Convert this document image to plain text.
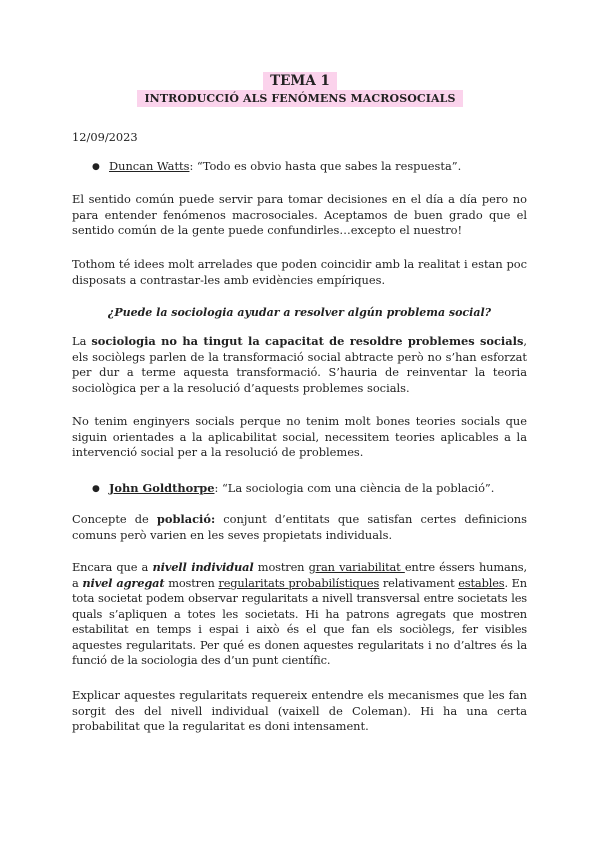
TEMA 1
INTRODUCCIÓ ALS FENÓMENS MACROSOCIALS
12/09/2023
● Duncan Watts: “Todo es obvio hasta que sabes la respuesta”.
El sentido común puede servir para tomar decisiones en el día a día pero no para entender fenómenos macrosociales. Aceptamos de buen grado que el sentido común de la gente puede confundirles…excepto el nuestro!
Tothom té idees molt arrelades que poden coincidir amb la realitat i estan poc disposats a contrastar-les amb evidències empíriques.
¿Puede la sociologia ayudar a resolver algún problema social?
La sociologia no ha tingut la capacitat de resoldre problemes socials, els sociòlegs parlen de la transformació social abtracte però no s’han esforzat per dur a terme aquesta transformació. S’hauria de reinventar la teoria sociològica per a la resolució d’aquests problemes socials.
No tenim enginyers socials perque no tenim molt bones teories socials que siguin orientades a la aplicabilitat social, necessitem teories aplicables a la intervenció social per a la resolució de problemes.
● John Goldthorpe: “La sociologia com una ciència de la població”.
Concepte de població: conjunt d’entitats que satisfan certes definicions comuns però varien en les seves propietats individuals.
Encara que a nivell individual mostren gran variabilitat entre éssers humans, a nivel agregat mostren regularitats probabilístiques relativament estables. En tota societat podem observar regularitats a nivell transversal entre societats les quals s’apliquen a totes les societats. Hi ha patrons agregats que mostren estabilitat en temps i espai i això és el que fan els sociòlegs, fer visibles aquestes regularitats. Per qué es donen aquestes regularitats i no d’altres és la funció de la sociologia des d’un punt científic.
Explicar aquestes regularitats requereix entendre els mecanismes que les fan sorgit des del nivell individual (vaixell de Coleman). Hi ha una certa probabilitat que la regularitat es doni intensament.
